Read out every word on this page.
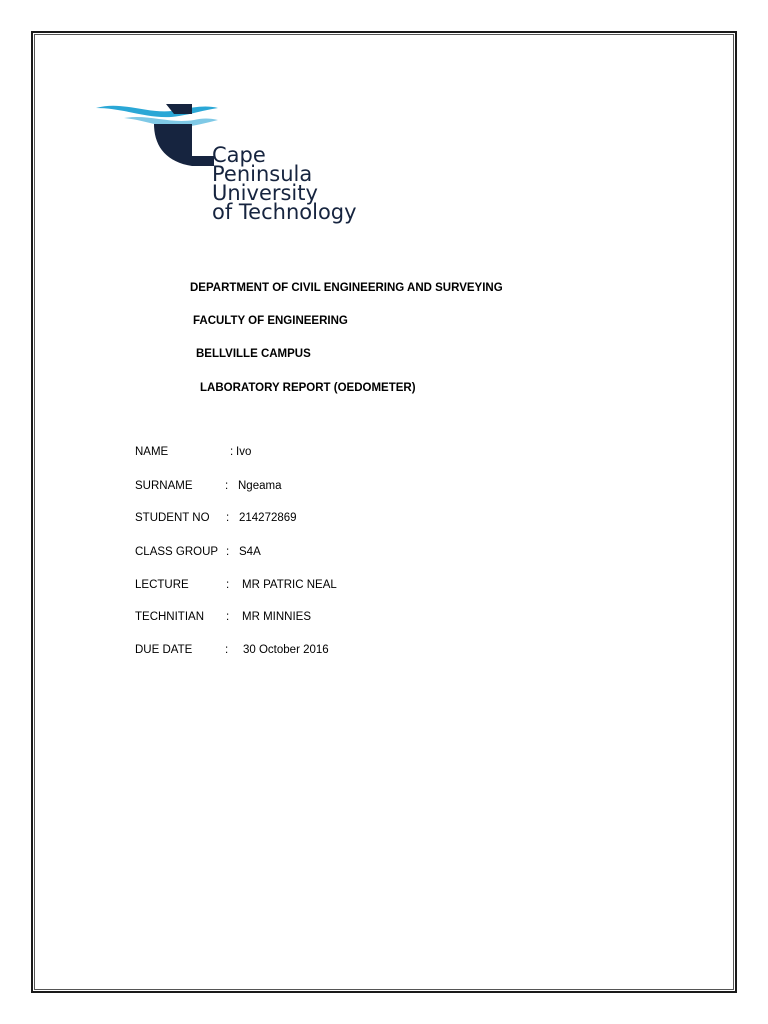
Cape
Peninsula
University
of Technology
DEPARTMENT OF CIVIL ENGINEERING AND SURVEYING
FACULTY OF ENGINEERING
BELLVILLE CAMPUS
LABORATORY REPORT (OEDOMETER)
NAME	: Ivo
SURNAME	: Ngeama
STUDENT NO : 214272869
CLASS GROUP : S4A
LECTURE	: MR PATRIC NEAL
TECHNITIAN : MR MINNIES
DUE DATE	: 30 October 2016
